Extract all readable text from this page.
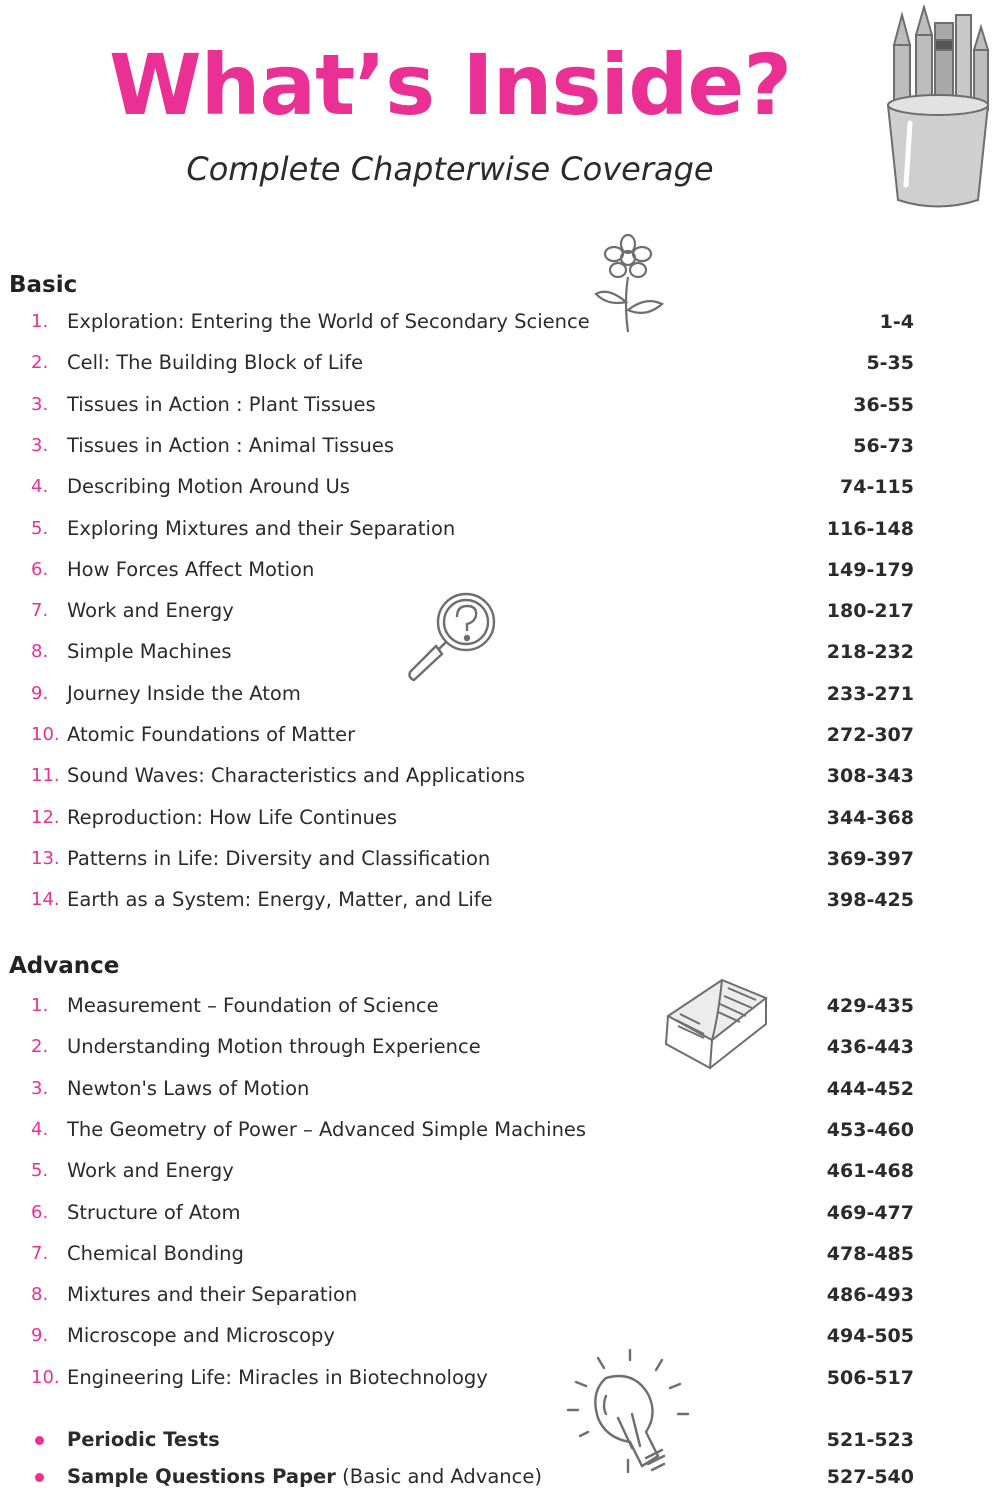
What’s Inside?
Complete Chapterwise Coverage
Basic
1. Exploration: Entering the World of Secondary Science	1-4
2. Cell: The Building Block of Life	5-35
3. Tissues in Action : Plant Tissues	36-55
3. Tissues in Action : Animal Tissues	56-73
4. Describing Motion Around Us	74-115
5. Exploring Mixtures and their Separation	116-148
6. How Forces Affect Motion	149-179
7. Work and Energy	180-217
8. Simple Machines	218-232
9. Journey Inside the Atom	233-271
10. Atomic Foundations of Matter	272-307
11. Sound Waves: Characteristics and Applications	308-343
12. Reproduction: How Life Continues	344-368
13. Patterns in Life: Diversity and Classification	369-397
14. Earth as a System: Energy, Matter, and Life	398-425
Advance
1. Measurement – Foundation of Science	429-435
2. Understanding Motion through Experience	436-443
3. Newton's Laws of Motion	444-452
4. The Geometry of Power – Advanced Simple Machines	453-460
5. Work and Energy	461-468
6. Structure of Atom	469-477
7. Chemical Bonding	478-485
8. Mixtures and their Separation	486-493
9. Microscope and Microscopy	494-505
10. Engineering Life: Miracles in Biotechnology	506-517
Periodic Tests	521-523
Sample Questions Paper (Basic and Advance)	527-540
